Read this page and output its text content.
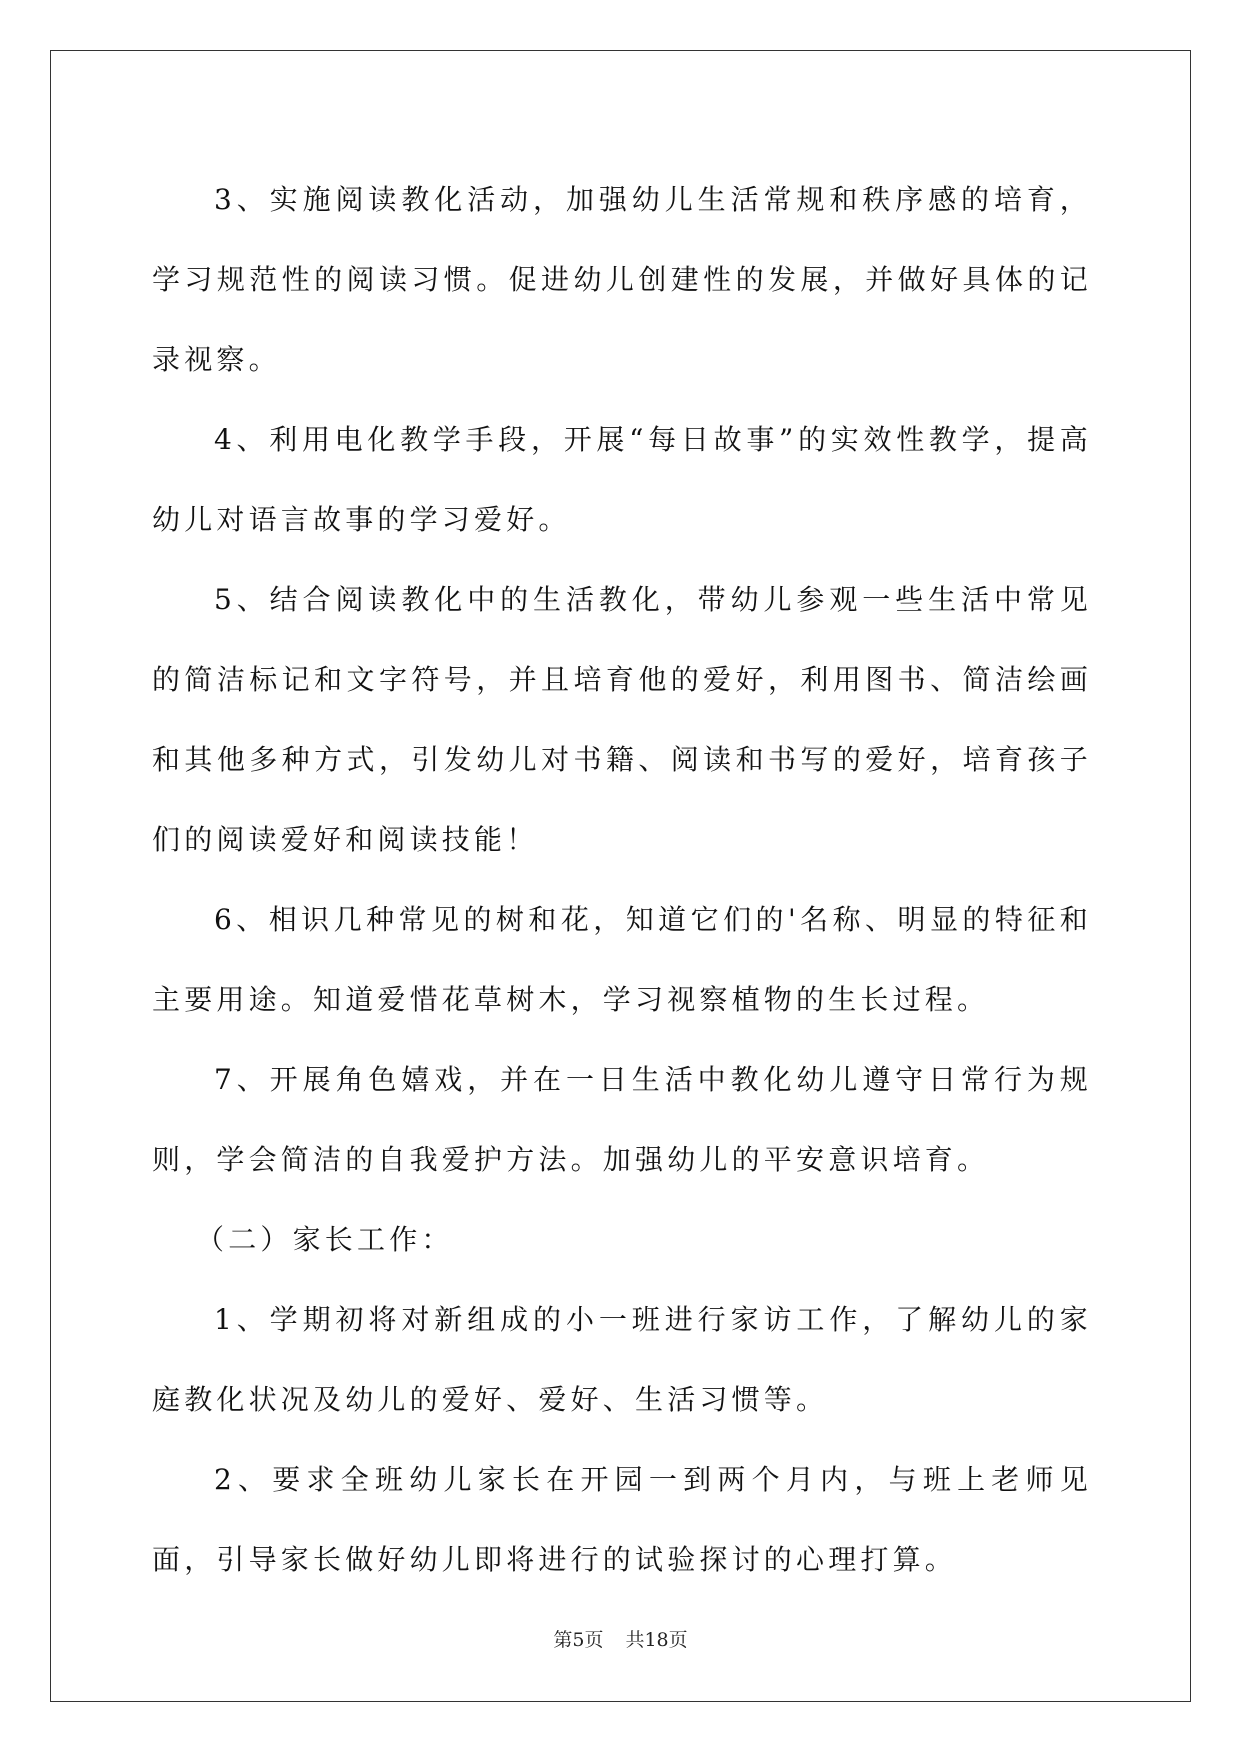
3、实施阅读教化活动，加强幼儿生活常规和秩序感的培育，学习规范性的阅读习惯。促进幼儿创建性的发展，并做好具体的记录视察。

4、利用电化教学手段，开展“每日故事”的实效性教学，提高幼儿对语言故事的学习爱好。

5、结合阅读教化中的生活教化，带幼儿参观一些生活中常见的简洁标记和文字符号，并且培育他的爱好，利用图书、简洁绘画和其他多种方式，引发幼儿对书籍、阅读和书写的爱好，培育孩子们的阅读爱好和阅读技能！

6、相识几种常见的树和花，知道它们的'名称、明显的特征和主要用途。知道爱惜花草树木，学习视察植物的生长过程。

7、开展角色嬉戏，并在一日生活中教化幼儿遵守日常行为规则，学会简洁的自我爱护方法。加强幼儿的平安意识培育。

（二）家长工作：

1、学期初将对新组成的小一班进行家访工作，了解幼儿的家庭教化状况及幼儿的爱好、爱好、生活习惯等。

2、要求全班幼儿家长在开园一到两个月内，与班上老师见面，引导家长做好幼儿即将进行的试验探讨的心理打算。

第5页 共18页
